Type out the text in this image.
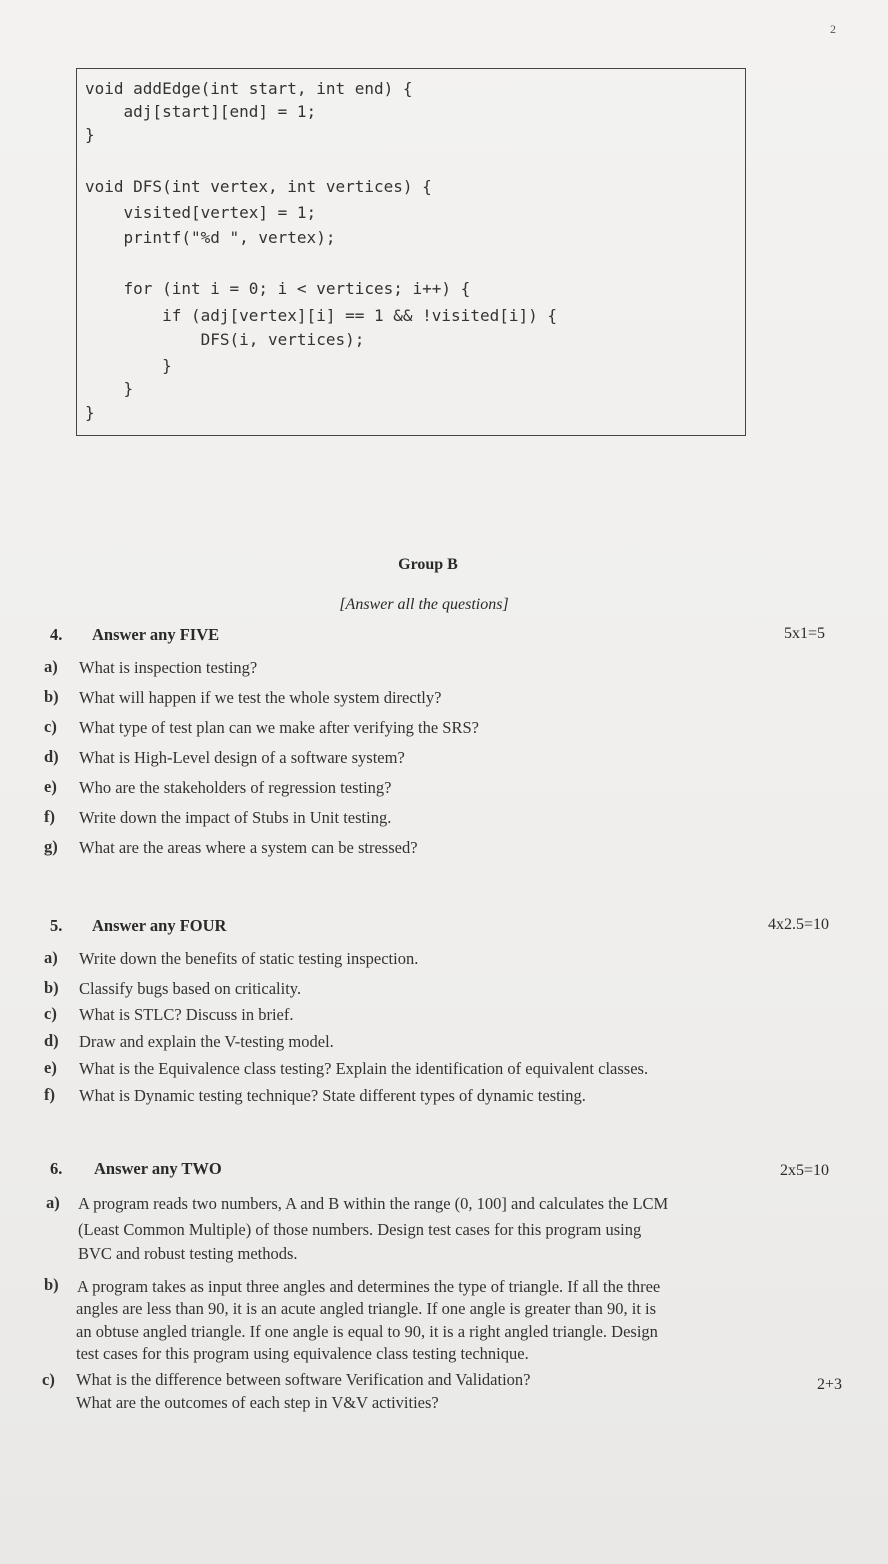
2
void addEdge(int start, int end) {
adj[start][end] = 1;
}
void DFS(int vertex, int vertices) {
visited[vertex] = 1;
printf("%d ", vertex);
for (int i = 0; i < vertices; i++) {
if (adj[vertex][i] == 1 && !visited[i]) {
DFS(i, vertices);
}
}
}
Group B
[Answer all the questions]
4. Answer any FIVE	5x1=5
a) What is inspection testing?
b) What will happen if we test the whole system directly?
c) What type of test plan can we make after verifying the SRS?
d) What is High-Level design of a software system?
e) Who are the stakeholders of regression testing?
f) Write down the impact of Stubs in Unit testing.
g) What are the areas where a system can be stressed?
5. Answer any FOUR	4x2.5=10
a) Write down the benefits of static testing inspection.
b) Classify bugs based on criticality.
c) What is STLC? Discuss in brief.
d) Draw and explain the V-testing model.
e) What is the Equivalence class testing? Explain the identification of equivalent classes.
f) What is Dynamic testing technique? State different types of dynamic testing.
6. Answer any TWO	2x5=10
a) A program reads two numbers, A and B within the range (0, 100] and calculates the LCM
(Least Common Multiple) of those numbers. Design test cases for this program using
BVC and robust testing methods.
b) A program takes as input three angles and determines the type of triangle. If all the three
angles are less than 90, it is an acute angled triangle. If one angle is greater than 90, it is
an obtuse angled triangle. If one angle is equal to 90, it is a right angled triangle. Design
test cases for this program using equivalence class testing technique.
c) What is the difference between software Verification and Validation?
What are the outcomes of each step in V&V activities?
2+3
